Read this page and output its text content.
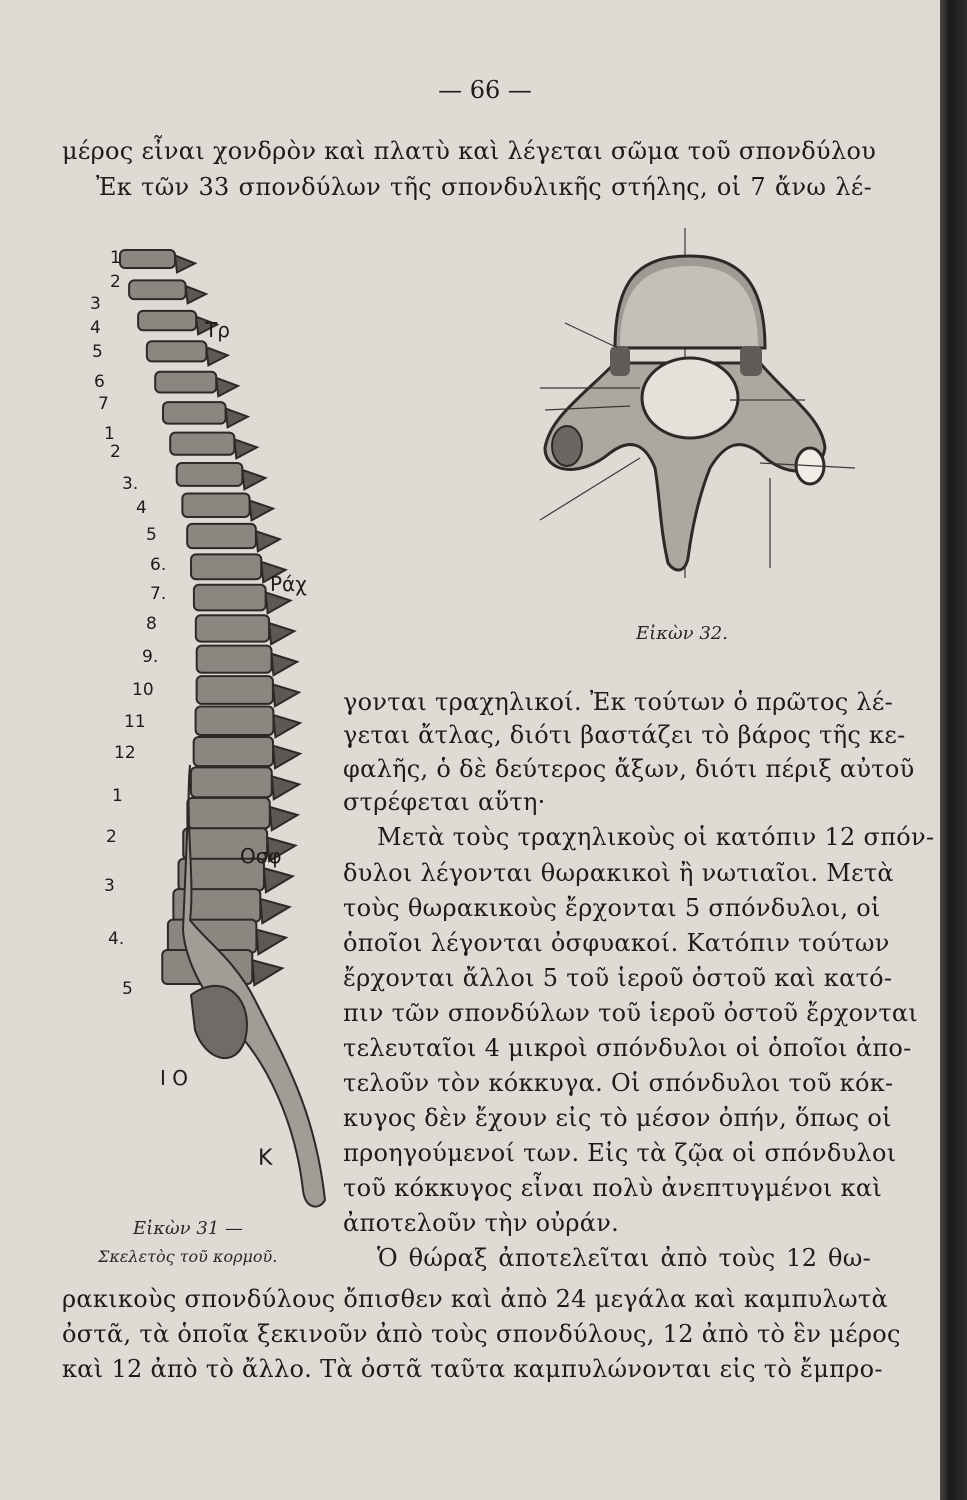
— 66 —
μέρος εἶναι χονδρὸν καὶ πλατὺ καὶ λέγεται σῶμα τοῦ σπονδύλου
Ἐκ τῶν 33 σπονδύλων τῆς σπονδυλικῆς στήλης, οἱ 7 ἄνω λέ-
1
2
3
4
5
6
7
1
2
3.
4
5
6.
7.
8
9.
10
11
12
1
2
3
4.
5
Τρ
Ράχ
Οσφ
Ι Ο
Κ
Εἰκὼν 31 —
Σκελετὸς τοῦ κορμοῦ.
Εἰκὼν 32.
γονται τραχηλικοί. Ἐκ τούτων ὁ πρῶτος λέ-
γεται ἄτλας, διότι βαστάζει τὸ βάρος τῆς κε-
φαλῆς, ὁ δὲ δεύτερος ἄξων, διότι πέριξ αὐτοῦ
στρέφεται αὕτη·
Μετὰ τοὺς τραχηλικοὺς οἱ κατόπιν 12 σπόν-
δυλοι λέγονται θωρακικοὶ ἢ νωτιαῖοι. Μετὰ
τοὺς θωρακικοὺς ἔρχονται 5 σπόνδυλοι, οἱ
ὁποῖοι λέγονται ὀσφυακοί. Κατόπιν τούτων
ἔρχονται ἄλλοι 5 τοῦ ἱεροῦ ὀστοῦ καὶ κατό-
πιν τῶν σπονδύλων τοῦ ἱεροῦ ὀστοῦ ἔρχονται
τελευταῖοι 4 μικροὶ σπόνδυλοι οἱ ὁποῖοι ἀπο-
τελοῦν τὸν κόκκυγα. Οἱ σπόνδυλοι τοῦ κόκ-
κυγος δὲν ἔχουν εἰς τὸ μέσον ὀπήν, ὅπως οἱ
προηγούμενοί των. Εἰς τὰ ζῷα οἱ σπόνδυλοι
τοῦ κόκκυγος εἶναι πολὺ ἀνεπτυγμένοι καὶ
ἀποτελοῦν τὴν οὐράν.
Ὁ θώραξ ἀποτελεῖται ἀπὸ τοὺς 12 θω-
ρακικοὺς σπονδύλους ὄπισθεν καὶ ἀπὸ 24 μεγάλα καὶ καμπυλωτὰ
ὀστᾶ, τὰ ὁποῖα ξεκινοῦν ἀπὸ τοὺς σπονδύλους, 12 ἀπὸ τὸ ἓν μέρος
καὶ 12 ἀπὸ τὸ ἄλλο. Τὰ ὀστᾶ ταῦτα καμπυλώνονται εἰς τὸ ἔμπρο-
